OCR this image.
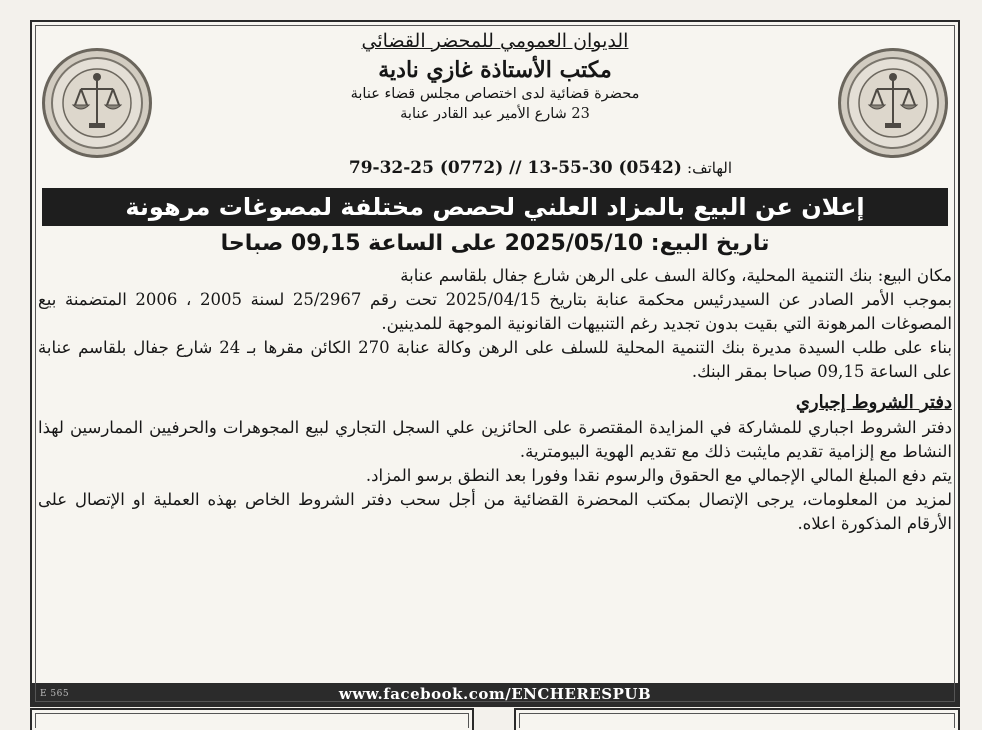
الديوان العمومي للمحضر القضائي
مكتب الأستاذة غازي نادية
محضرة قضائية لدى اختصاص مجلس قضاء عنابة
23 شارع الأمير عبد القادر عنابة
الهاتف: 79-32-25 (0772) // 13-55-30 (0542)
إعلان عن البيع بالمزاد العلني لحصص مختلفة لمصوغات مرهونة
تاريخ البيع: 2025/05/10 على الساعة 09,15 صباحا

مكان البيع: بنك التنمية المحلية، وكالة السف على الرهن شارع جفال بلقاسم عنابة

بموجب الأمر الصادر عن السيدرئيس محكمة عنابة بتاريخ 2025/04/15 تحت رقم 25/2967 لسنة 2005 ، 2006 المتضمنة بيع المصوغات المرهونة التي بقيت بدون تجديد رغم التنبيهات القانونية الموجهة للمدينين.

بناء على طلب السيدة مديرة بنك التنمية المحلية للسلف على الرهن وكالة عنابة 270 الكائن مقرها بـ 24 شارع جفال بلقاسم عنابة على الساعة 09,15 صباحا بمقر البنك.

دفتر الشروط إجباري

دفتر الشروط اجباري للمشاركة في المزايدة المقتصرة على الحائزين علي السجل التجاري لبيع المجوهرات والحرفيين الممارسين لهذا النشاط مع إلزامية تقديم مايثبت ذلك مع تقديم الهوية البيومترية.

يتم دفع المبلغ المالي الإجمالي مع الحقوق والرسوم نقدا وفورا بعد النطق برسو المزاد.

لمزيد من المعلومات، يرجى الإتصال بمكتب المحضرة القضائية من أجل سحب دفتر الشروط الخاص بهذه العملية او الإتصال على الأرقام المذكورة اعلاه.

E 565	www.facebook.com/ENCHERESPUB
